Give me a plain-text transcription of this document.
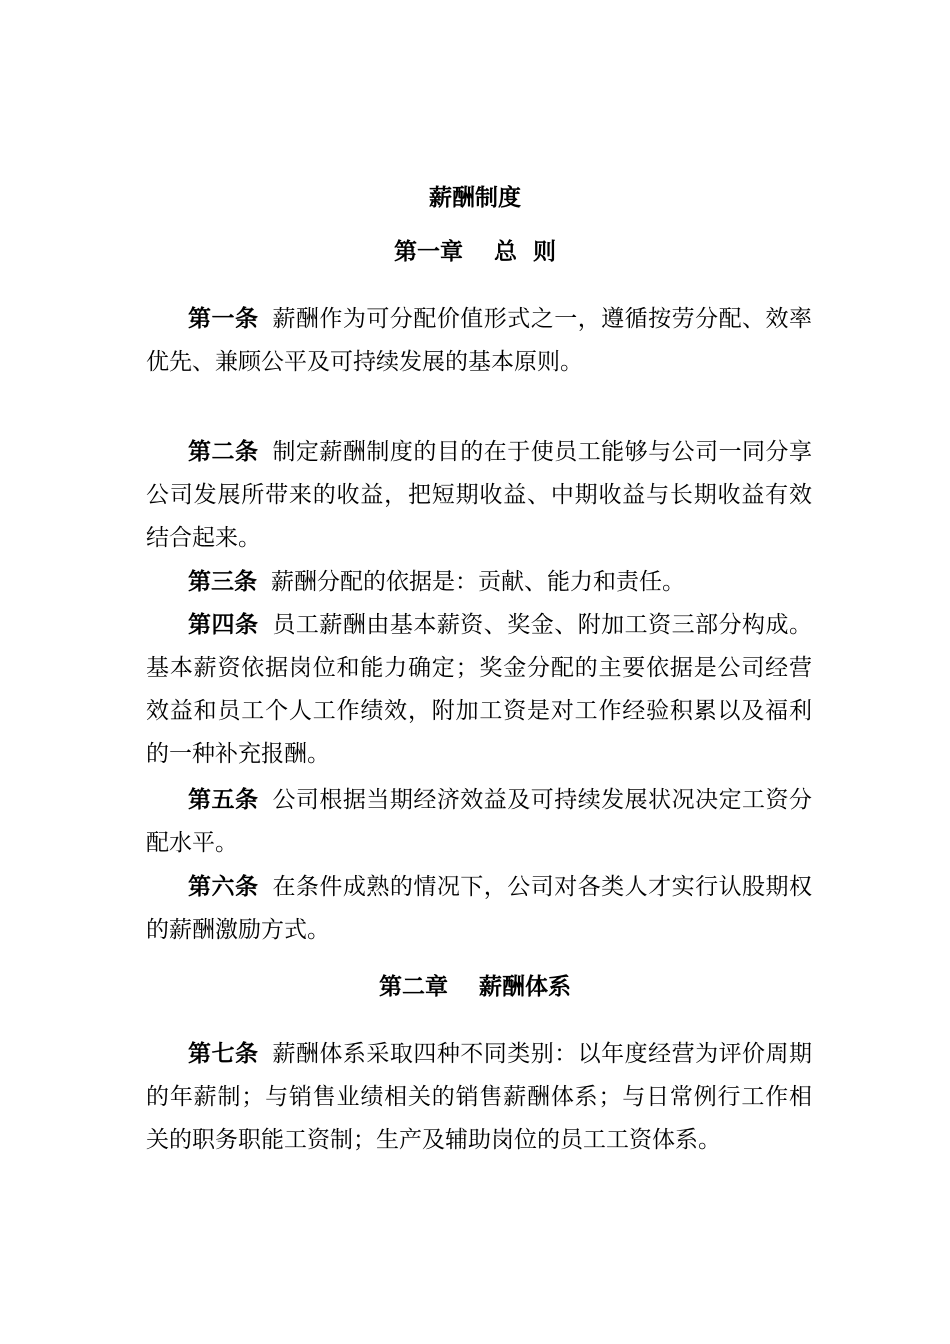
薪酬制度
第一章　 总  则

第一条 薪酬作为可分配价值形式之一，遵循按劳分配、效率优先、兼顾公平及可持续发展的基本原则。

第二条 制定薪酬制度的目的在于使员工能够与公司一同分享公司发展所带来的收益，把短期收益、中期收益与长期收益有效结合起来。

第三条 薪酬分配的依据是：贡献、能力和责任。

第四条 员工薪酬由基本薪资、奖金、附加工资三部分构成。基本薪资依据岗位和能力确定；奖金分配的主要依据是公司经营效益和员工个人工作绩效，附加工资是对工作经验积累以及福利的一种补充报酬。

第五条 公司根据当期经济效益及可持续发展状况决定工资分配水平。

第六条 在条件成熟的情况下，公司对各类人才实行认股期权的薪酬激励方式。

第二章　 薪酬体系

第七条 薪酬体系采取四种不同类别：以年度经营为评价周期的年薪制；与销售业绩相关的销售薪酬体系；与日常例行工作相关的职务职能工资制；生产及辅助岗位的员工工资体系。
